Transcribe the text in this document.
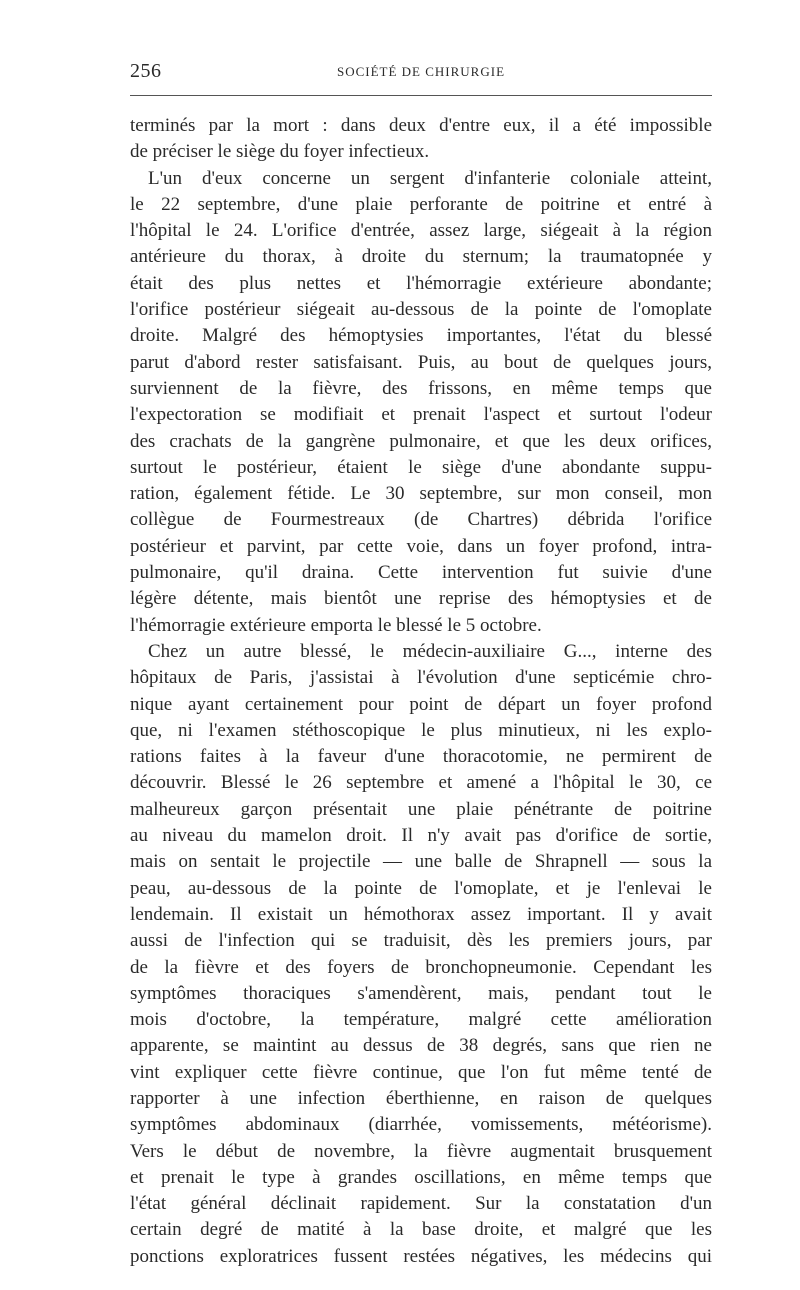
256	SOCIÉTÉ DE CHIRURGIE
terminés par la mort : dans deux d'entre eux, il a été impossible
de préciser le siège du foyer infectieux.
L'un d'eux concerne un sergent d'infanterie coloniale atteint,
le 22 septembre, d'une plaie perforante de poitrine et entré à
l'hôpital le 24. L'orifice d'entrée, assez large, siégeait à la région
antérieure du thorax, à droite du sternum; la traumatopnée y
était des plus nettes et l'hémorragie extérieure abondante;
l'orifice postérieur siégeait au-dessous de la pointe de l'omoplate
droite. Malgré des hémoptysies importantes, l'état du blessé
parut d'abord rester satisfaisant. Puis, au bout de quelques jours,
surviennent de la fièvre, des frissons, en même temps que
l'expectoration se modifiait et prenait l'aspect et surtout l'odeur
des crachats de la gangrène pulmonaire, et que les deux orifices,
surtout le postérieur, étaient le siège d'une abondante suppu-
ration, également fétide. Le 30 septembre, sur mon conseil, mon
collègue de Fourmestreaux (de Chartres) débrida l'orifice
postérieur et parvint, par cette voie, dans un foyer profond, intra-
pulmonaire, qu'il draina. Cette intervention fut suivie d'une
légère détente, mais bientôt une reprise des hémoptysies et de
l'hémorragie extérieure emporta le blessé le 5 octobre.
Chez un autre blessé, le médecin-auxiliaire G..., interne des
hôpitaux de Paris, j'assistai à l'évolution d'une septicémie chro-
nique ayant certainement pour point de départ un foyer profond
que, ni l'examen stéthoscopique le plus minutieux, ni les explo-
rations faites à la faveur d'une thoracotomie, ne permirent de
découvrir. Blessé le 26 septembre et amené a l'hôpital le 30, ce
malheureux garçon présentait une plaie pénétrante de poitrine
au niveau du mamelon droit. Il n'y avait pas d'orifice de sortie,
mais on sentait le projectile — une balle de Shrapnell — sous la
peau, au-dessous de la pointe de l'omoplate, et je l'enlevai le
lendemain. Il existait un hémothorax assez important. Il y avait
aussi de l'infection qui se traduisit, dès les premiers jours, par
de la fièvre et des foyers de bronchopneumonie. Cependant les
symptômes thoraciques s'amendèrent, mais, pendant tout le
mois d'octobre, la température, malgré cette amélioration
apparente, se maintint au dessus de 38 degrés, sans que rien ne
vint expliquer cette fièvre continue, que l'on fut même tenté de
rapporter à une infection éberthienne, en raison de quelques
symptômes abdominaux (diarrhée, vomissements, météorisme).
Vers le début de novembre, la fièvre augmentait brusquement
et prenait le type à grandes oscillations, en même temps que
l'état général déclinait rapidement. Sur la constatation d'un
certain degré de matité à la base droite, et malgré que les
ponctions exploratrices fussent restées négatives, les médecins qui
